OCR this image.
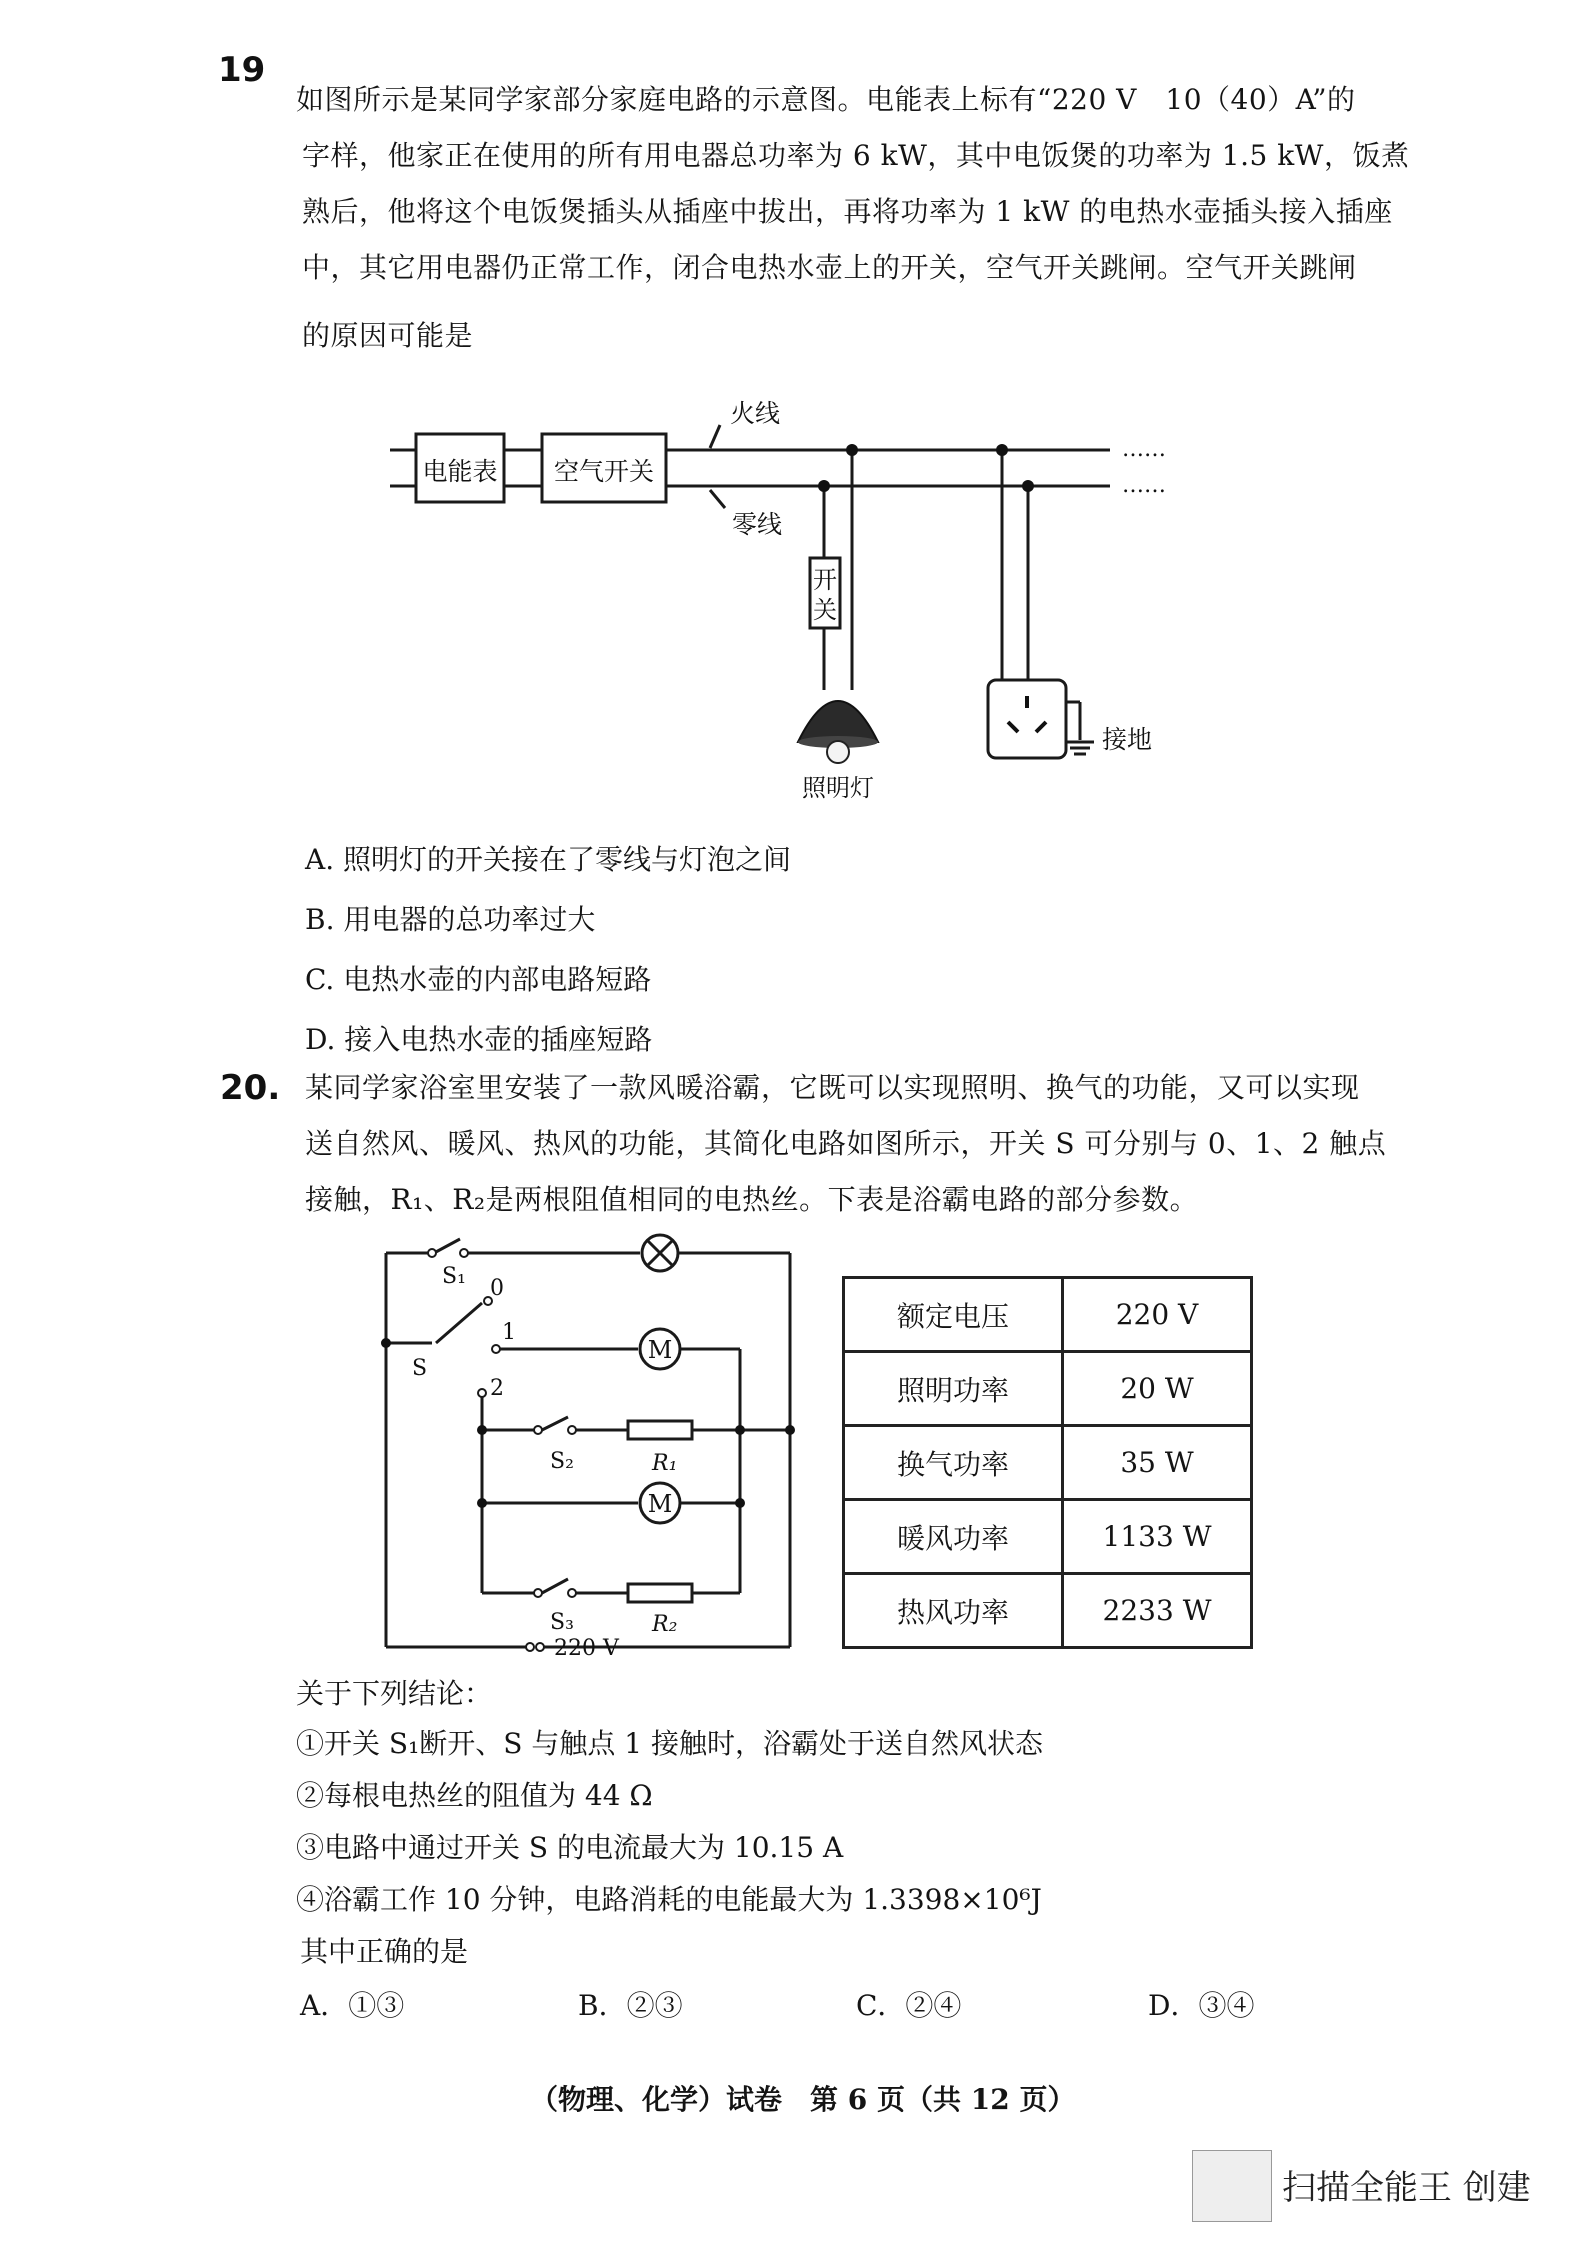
19
如图所示是某同学家部分家庭电路的示意图。电能表上标有“220 V　10（40）A”的
字样，他家正在使用的所有用电器总功率为 6 kW，其中电饭煲的功率为 1.5 kW，饭煮
熟后，他将这个电饭煲插头从插座中拔出，再将功率为 1 kW 的电热水壶插头接入插座
中，其它用电器仍正常工作，闭合电热水壶上的开关，空气开关跳闸。空气开关跳闸
的原因可能是
电能表 空气开关
火线
零线
开
关
照明灯
接地
……
……
A. 照明灯的开关接在了零线与灯泡之间
B. 用电器的总功率过大
C. 电热水壶的内部电路短路
D. 接入电热水壶的插座短路
20. 某同学家浴室里安装了一款风暖浴霸，它既可以实现照明、换气的功能，又可以实现
送自然风、暖风、热风的功能，其简化电路如图所示，开关 S 可分别与 0、1、2 触点
接触，R₁、R₂是两根阻值相同的电热丝。下表是浴霸电路的部分参数。
S₁
S
0
1
2
M
M
S₂	R₁
S₃	R₂
220 V
额定电压	220 V
照明功率	20 W
换气功率	35 W
暖风功率	1133 W
热风功率	2233 W
关于下列结论：
①开关 S₁断开、S 与触点 1 接触时，浴霸处于送自然风状态
②每根电热丝的阻值为 44 Ω
③电路中通过开关 S 的电流最大为 10.15 A
④浴霸工作 10 分钟，电路消耗的电能最大为 1.3398×10⁶J
其中正确的是
A．①③	B．②③	C．②④	D．③④
（物理、化学）试卷　第 6 页（共 12 页）
扫描全能王 创建
